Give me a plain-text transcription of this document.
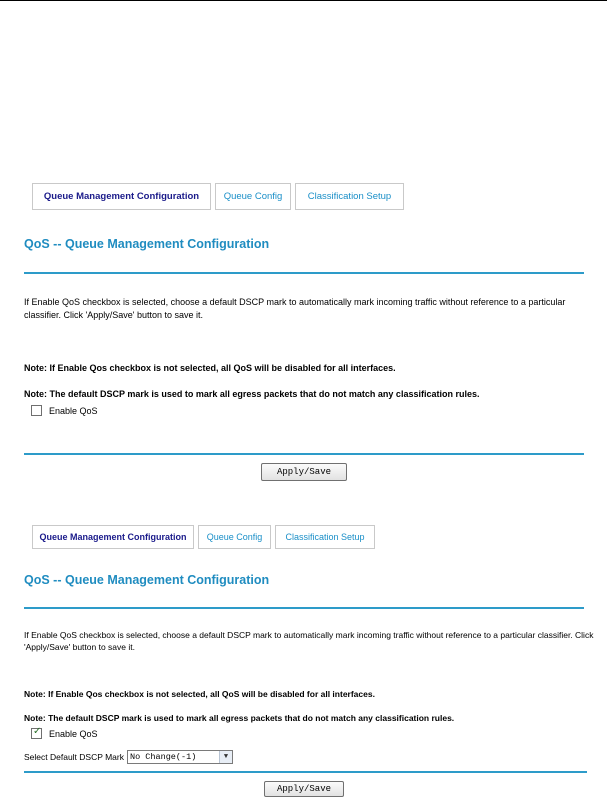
Queue Management Configuration	Queue Config	Classification Setup
QoS -- Queue Management Configuration
If Enable QoS checkbox is selected, choose a default DSCP mark to automatically mark incoming traffic without reference to a particular classifier. Click 'Apply/Save' button to save it.
Note: If Enable Qos checkbox is not selected, all QoS will be disabled for all interfaces.
Note: The default DSCP mark is used to mark all egress packets that do not match any classification rules.
Enable QoS
Apply/Save
Queue Management Configuration	Queue Config	Classification Setup
QoS -- Queue Management Configuration
If Enable QoS checkbox is selected, choose a default DSCP mark to automatically mark incoming traffic without reference to a particular classifier. Click 'Apply/Save' button to save it.
Note: If Enable Qos checkbox is not selected, all QoS will be disabled for all interfaces.
Note: The default DSCP mark is used to mark all egress packets that do not match any classification rules.
✓ Enable QoS
Select Default DSCP Mark No Change(-1)	▼
Apply/Save
